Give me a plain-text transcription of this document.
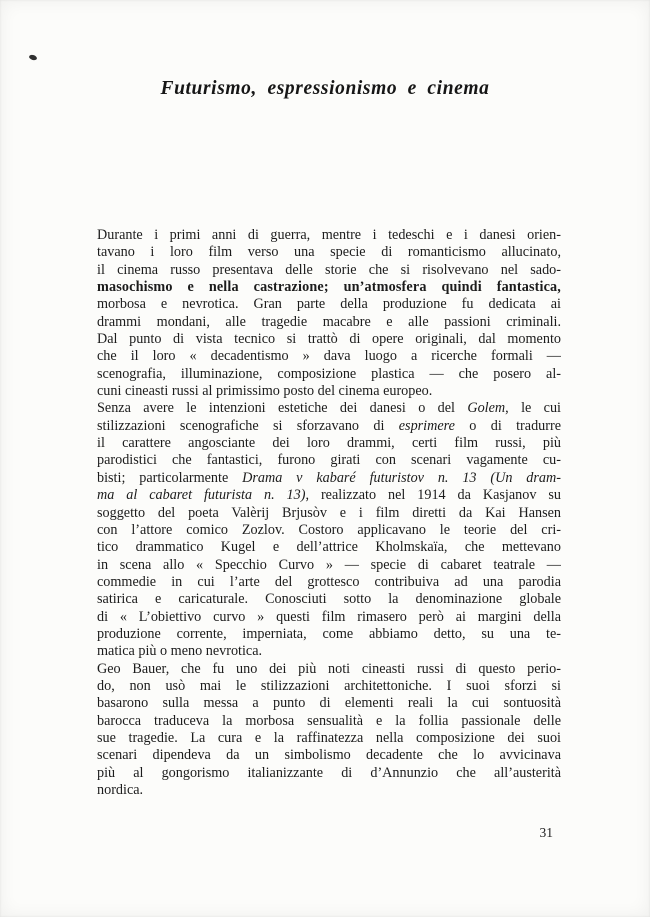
Futurismo, espressionismo e cinema
Durante i primi anni di guerra, mentre i tedeschi e i danesi orien-
tavano i loro film verso una specie di romanticismo allucinato,
il cinema russo presentava delle storie che si risolvevano nel sado-
masochismo e nella castrazione; un’atmosfera quindi fantastica,
morbosa e nevrotica. Gran parte della produzione fu dedicata ai
drammi mondani, alle tragedie macabre e alle passioni criminali.
Dal punto di vista tecnico si trattò di opere originali, dal momento
che il loro « decadentismo » dava luogo a ricerche formali —
scenografia, illuminazione, composizione plastica — che posero al-
cuni cineasti russi al primissimo posto del cinema europeo.
Senza avere le intenzioni estetiche dei danesi o del Golem, le cui
stilizzazioni scenografiche si sforzavano di esprimere o di tradurre
il carattere angosciante dei loro drammi, certi film russi, più
parodistici che fantastici, furono girati con scenari vagamente cu-
bisti; particolarmente Drama v kabaré futuristov n. 13 (Un dram-
ma al cabaret futurista n. 13), realizzato nel 1914 da Kasjanov su
soggetto del poeta Valèrij Brjusòv e i film diretti da Kai Hansen
con l’attore comico Zozlov. Costoro applicavano le teorie del cri-
tico drammatico Kugel e dell’attrice Kholmskaïa, che mettevano
in scena allo « Specchio Curvo » — specie di cabaret teatrale —
commedie in cui l’arte del grottesco contribuiva ad una parodia
satirica e caricaturale. Conosciuti sotto la denominazione globale
di « L’obiettivo curvo » questi film rimasero però ai margini della
produzione corrente, imperniata, come abbiamo detto, su una te-
matica più o meno nevrotica.
Geo Bauer, che fu uno dei più noti cineasti russi di questo perio-
do, non usò mai le stilizzazioni architettoniche. I suoi sforzi si
basarono sulla messa a punto di elementi reali la cui sontuosità
barocca traduceva la morbosa sensualità e la follia passionale delle
sue tragedie. La cura e la raffinatezza nella composizione dei suoi
scenari dipendeva da un simbolismo decadente che lo avvicinava
più al gongorismo italianizzante di d’Annunzio che all’austerità
nordica.
31
